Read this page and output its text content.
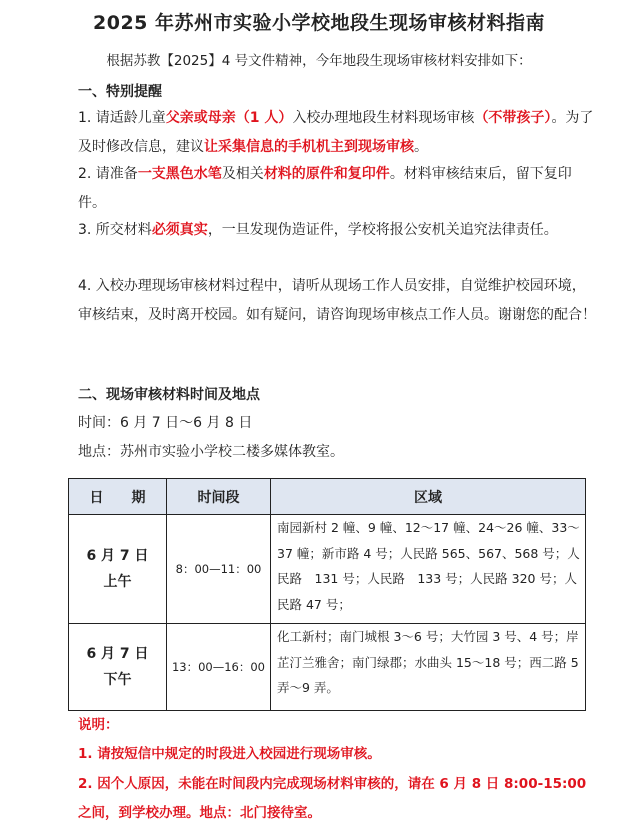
2025 年苏州市实验小学校地段生现场审核材料指南
根据苏教【2025】4 号文件精神，今年地段生现场审核材料安排如下：
一、特别提醒
1. 请适龄儿童父亲或母亲（1 人）入校办理地段生材料现场审核（不带孩子）。为了及时修改信息，建议让采集信息的手机机主到现场审核。
2. 请准备一支黑色水笔及相关材料的原件和复印件。材料审核结束后，留下复印件。
3. 所交材料必须真实，一旦发现伪造证件，学校将报公安机关追究法律责任。
4. 入校办理现场审核材料过程中，请听从现场工作人员安排，自觉维护校园环境，审核结束，及时离开校园。如有疑问，请咨询现场审核点工作人员。谢谢您的配合！
二、现场审核材料时间及地点
时间：6 月 7 日～6 月 8 日
地点：苏州市实验小学校二楼多媒体教室。
日　　期	时间段	区域

6 月 7 日
上午	8：00—11：00	南园新村 2 幢、9 幢、12～17 幢、24～26 幢、33～37 幢；新市路 4 号；人民路 565、567、568 号；人民路　131 号；人民路　133 号；人民路 320 号；人民路 47 号；

6 月 7 日
下午	13：00—16：00	化工新村；南门城根 3～6 号；大竹园 3 号、4 号；岸芷汀兰雅舍；南门绿郡；水曲头 15～18 号；西二路 5 弄～9 弄。
说明：
1. 请按短信中规定的时段进入校园进行现场审核。
2. 因个人原因，未能在时间段内完成现场材料审核的，请在 6 月 8 日 8:00-15:00 之间，到学校办理。地点：北门接待室。
